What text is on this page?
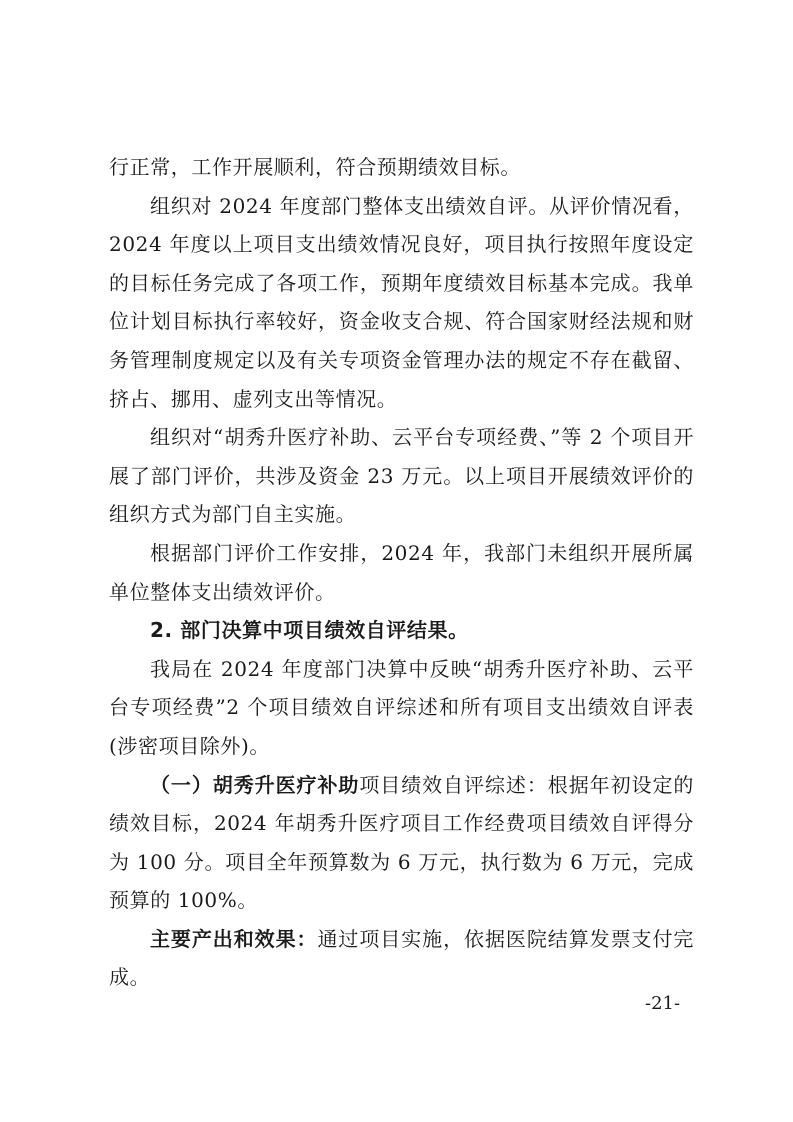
行正常，工作开展顺利，符合预期绩效目标。

组织对 2024 年度部门整体支出绩效自评。从评价情况看，2024 年度以上项目支出绩效情况良好，项目执行按照年度设定的目标任务完成了各项工作，预期年度绩效目标基本完成。我单位计划目标执行率较好，资金收支合规、符合国家财经法规和财务管理制度规定以及有关专项资金管理办法的规定不存在截留、挤占、挪用、虚列支出等情况。

组织对“胡秀升医疗补助、云平台专项经费、”等 2 个项目开展了部门评价，共涉及资金 23 万元。以上项目开展绩效评价的组织方式为部门自主实施。

根据部门评价工作安排，2024 年，我部门未组织开展所属单位整体支出绩效评价。

2. 部门决算中项目绩效自评结果。

我局在 2024 年度部门决算中反映“胡秀升医疗补助、云平台专项经费”2 个项目绩效自评综述和所有项目支出绩效自评表(涉密项目除外)。

（一）胡秀升医疗补助项目绩效自评综述：根据年初设定的绩效目标，2024 年胡秀升医疗项目工作经费项目绩效自评得分为 100 分。项目全年预算数为 6 万元，执行数为 6 万元，完成预算的 100%。

主要产出和效果：通过项目实施，依据医院结算发票支付完成。

-21-
